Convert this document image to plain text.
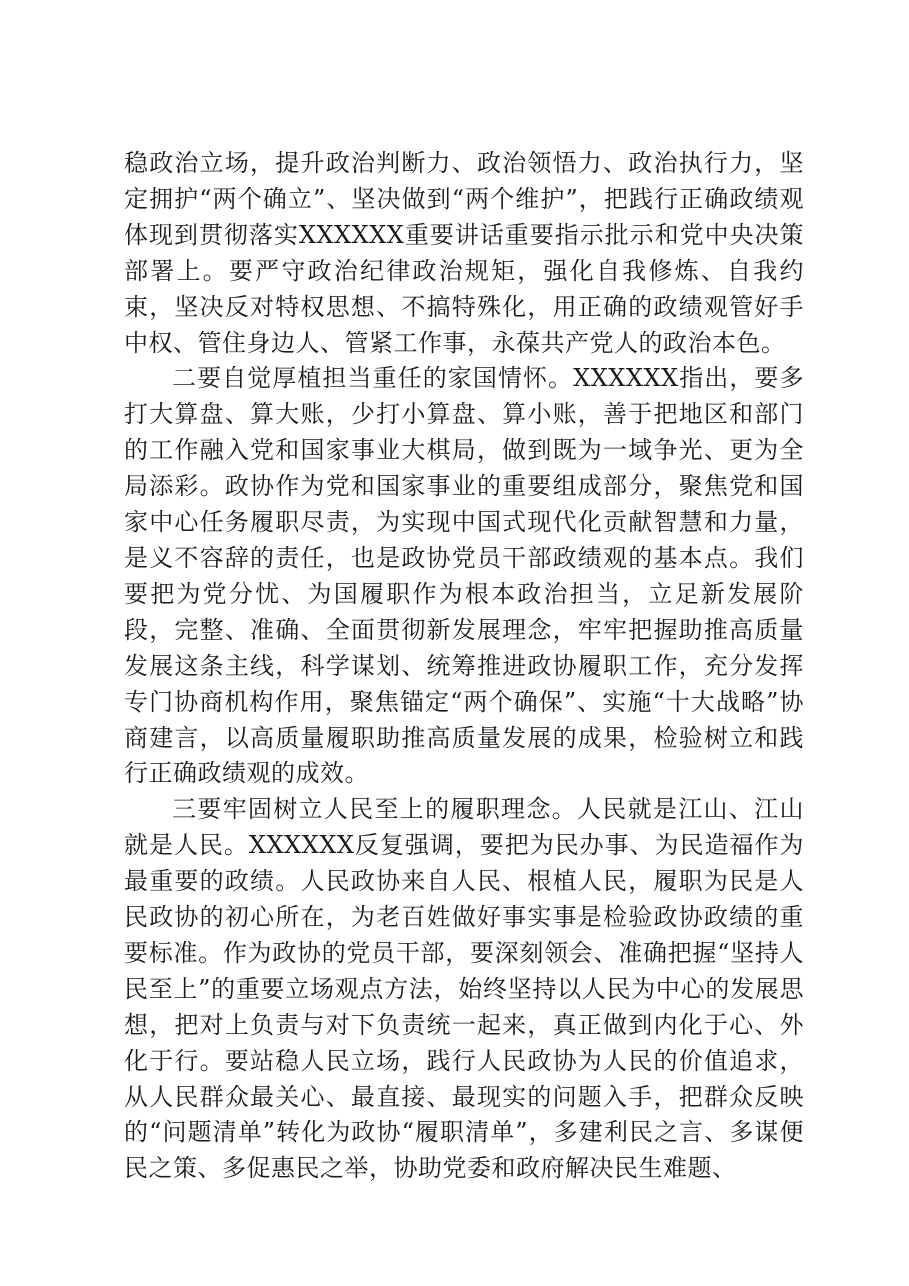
稳政治立场，提升政治判断力、政治领悟力、政治执行力，坚定拥护“两个确立”、坚决做到“两个维护”，把践行正确政绩观体现到贯彻落实XXXXXX重要讲话重要指示批示和党中央决策部署上。要严守政治纪律政治规矩，强化自我修炼、自我约束，坚决反对特权思想、不搞特殊化，用正确的政绩观管好手中权、管住身边人、管紧工作事，永葆共产党人的政治本色。

二要自觉厚植担当重任的家国情怀。XXXXXX指出，要多打大算盘、算大账，少打小算盘、算小账，善于把地区和部门的工作融入党和国家事业大棋局，做到既为一域争光、更为全局添彩。政协作为党和国家事业的重要组成部分，聚焦党和国家中心任务履职尽责，为实现中国式现代化贡献智慧和力量，是义不容辞的责任，也是政协党员干部政绩观的基本点。我们要把为党分忧、为国履职作为根本政治担当，立足新发展阶段，完整、准确、全面贯彻新发展理念，牢牢把握助推高质量发展这条主线，科学谋划、统筹推进政协履职工作，充分发挥专门协商机构作用，聚焦锚定“两个确保”、实施“十大战略”协商建言，以高质量履职助推高质量发展的成果，检验树立和践行正确政绩观的成效。

三要牢固树立人民至上的履职理念。人民就是江山、江山就是人民。XXXXXX反复强调，要把为民办事、为民造福作为最重要的政绩。人民政协来自人民、根植人民，履职为民是人民政协的初心所在，为老百姓做好事实事是检验政协政绩的重要标准。作为政协的党员干部，要深刻领会、准确把握“坚持人民至上”的重要立场观点方法，始终坚持以人民为中心的发展思想，把对上负责与对下负责统一起来，真正做到内化于心、外化于行。要站稳人民立场，践行人民政协为人民的价值追求，从人民群众最关心、最直接、最现实的问题入手，把群众反映的“问题清单”转化为政协“履职清单”，多建利民之言、多谋便民之策、多促惠民之举，协助党委和政府解决民生难题、
